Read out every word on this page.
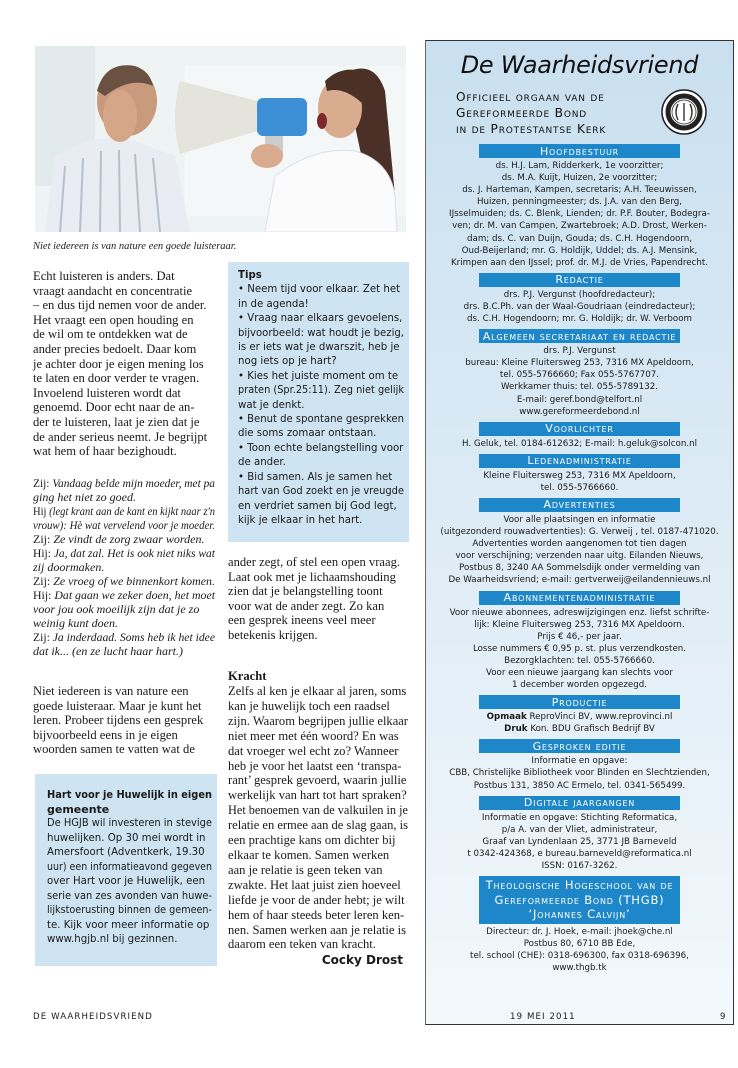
Niet iedereen is van nature een goede luisteraar.
Echt luisteren is anders. Dat
vraagt aandacht en concentratie
– en dus tijd nemen voor de ander.
Het vraagt een open houding en
de wil om te ontdekken wat de
ander precies bedoelt. Daar kom
je achter door je eigen mening los
te laten en door verder te vragen.
Invoelend luisteren wordt dat
genoemd. Door echt naar de an-
der te luisteren, laat je zien dat je
de ander serieus neemt. Je begrijpt
wat hem of haar bezighoudt.
Zij: Vandaag belde mijn moeder, met pa
ging het niet zo goed.
Hij (legt krant aan de kant en kijkt naar z'n
vrouw): Hè wat vervelend voor je moeder.
Zij: Ze vindt de zorg zwaar worden.
Hij: Ja, dat zal. Het is ook niet niks wat
zij doormaken.
Zij: Ze vroeg of we binnenkort komen.
Hij: Dat gaan we zeker doen, het moet
voor jou ook moeilijk zijn dat je zo
weinig kunt doen.
Zij: Ja inderdaad. Soms heb ik het idee
dat ik... (en ze lucht haar hart.)
Niet iedereen is van nature een
goede luisteraar. Maar je kunt het
leren. Probeer tijdens een gesprek
bijvoorbeeld eens in je eigen
woorden samen te vatten wat de
Hart voor je Huwelijk in eigen
gemeente
De HGJB wil investeren in stevige
huwelijken. Op 30 mei wordt in
Amersfoort (Adventkerk, 19.30
uur) een informatieavond gegeven
over Hart voor je Huwelijk, een
serie van zes avonden van huwe-
lijkstoerusting binnen de gemeen-
te. Kijk voor meer informatie op
www.hgjb.nl bij gezinnen.
Tips
• Neem tijd voor elkaar. Zet het
in de agenda!
• Vraag naar elkaars gevoelens,
bijvoorbeeld: wat houdt je bezig,
is er iets wat je dwarszit, heb je
nog iets op je hart?
• Kies het juiste moment om te
praten (Spr.25:11). Zeg niet gelijk
wat je denkt.
• Benut de spontane gesprekken
die soms zomaar ontstaan.
• Toon echte belangstelling voor
de ander.
• Bid samen. Als je samen het
hart van God zoekt en je vreugde
en verdriet samen bij God legt,
kijk je elkaar in het hart.
ander zegt, of stel een open vraag.
Laat ook met je lichaamshouding
zien dat je belangstelling toont
voor wat de ander zegt. Zo kan
een gesprek ineens veel meer
betekenis krijgen.
Kracht
Zelfs al ken je elkaar al jaren, soms
kan je huwelijk toch een raadsel
zijn. Waarom begrijpen jullie elkaar
niet meer met één woord? En was
dat vroeger wel echt zo? Wanneer
heb je voor het laatst een ‘transpa-
rant’ gesprek gevoerd, waarin jullie
werkelijk van hart tot hart spraken?
Het benoemen van de valkuilen in je
relatie en ermee aan de slag gaan, is
een prachtige kans om dichter bij
elkaar te komen. Samen werken
aan je relatie is geen teken van
zwakte. Het laat juist zien hoeveel
liefde je voor de ander hebt; je wilt
hem of haar steeds beter leren ken-
nen. Samen werken aan je relatie is
daarom een teken van kracht.
Cocky Drost
De Waarheidsvriend
Officieel orgaan van de
Gereformeerde Bond
in de Protestantse Kerk
Hoofdbestuur
ds. H.J. Lam, Ridderkerk, 1e voorzitter;
ds. M.A. Kuijt, Huizen, 2e voorzitter;
ds. J. Harteman, Kampen, secretaris; A.H. Teeuwissen,
Huizen, penningmeester; ds. J.A. van den Berg,
IJsselmuiden; ds. C. Blenk, Lienden; dr. P.F. Bouter, Bodegra-
ven; dr. M. van Campen, Zwartebroek; A.D. Drost, Werken-
dam; ds. C. van Duijn, Gouda; ds. C.H. Hogendoorn,
Oud-Beijerland; mr. G. Holdijk, Uddel; ds. A.J. Mensink,
Krimpen aan den IJssel; prof. dr. M.J. de Vries, Papendrecht.
Redactie
drs. P.J. Vergunst (hoofdredacteur);
drs. B.C.Ph. van der Waal-Goudriaan (eindredacteur);
ds. C.H. Hogendoorn; mr. G. Holdijk; dr. W. Verboom
Algemeen secretariaat en redactie
drs. P.J. Vergunst
bureau: Kleine Fluitersweg 253, 7316 MX Apeldoorn,
tel. 055-5766660; Fax 055-5767707.
Werkkamer thuis: tel. 055-5789132.
E-mail: geref.bond@telfort.nl
www.gereformeerdebond.nl
Voorlichter
H. Geluk, tel. 0184-612632; E-mail: h.geluk@solcon.nl
Ledenadministratie
Kleine Fluitersweg 253, 7316 MX Apeldoorn,
tel. 055-5766660.
Advertenties
Voor alle plaatsingen en informatie
(uitgezonderd rouwadvertenties): G. Verweij , tel. 0187-471020.
Advertenties worden aangenomen tot tien dagen
voor verschijning; verzenden naar uitg. Eilanden Nieuws,
Postbus 8, 3240 AA Sommelsdijk onder vermelding van
De Waarheidsvriend; e-mail: gertverweij@eilandennieuws.nl
Abonnementenadministratie
Voor nieuwe abonnees, adreswijzigingen enz. liefst schrifte-
lijk: Kleine Fluitersweg 253, 7316 MX Apeldoorn.
Prijs € 46,- per jaar.
Losse nummers € 0,95 p. st. plus verzendkosten.
Bezorgklachten: tel. 055-5766660.
Voor een nieuwe jaargang kan slechts voor
1 december worden opgezegd.
Productie
Opmaak ReproVinci BV, www.reprovinci.nl
Druk Kon. BDU Grafisch Bedrijf BV
Gesproken editie
Informatie en opgave:
CBB, Christelijke Bibliotheek voor Blinden en Slechtzienden,
Postbus 131, 3850 AC Ermelo, tel. 0341-565499.
Digitale jaargangen
Informatie en opgave: Stichting Reformatica,
p/a A. van der Vliet, administrateur,
Graaf van Lyndenlaan 25, 3771 JB Barneveld
t 0342-424368, e bureau.barneveld@reformatica.nl
ISSN: 0167-3262.
Theologische Hogeschool van de
Gereformeerde Bond (THGB)
‘Johannes Calvijn’
Directeur: dr. J. Hoek, e-mail: jhoek@che.nl
Postbus 80, 6710 BB Ede,
tel. school (CHE): 0318-696300, fax 0318-696396,
www.thgb.tk
DE WAARHEIDSVRIEND	19 MEI 2011	9
